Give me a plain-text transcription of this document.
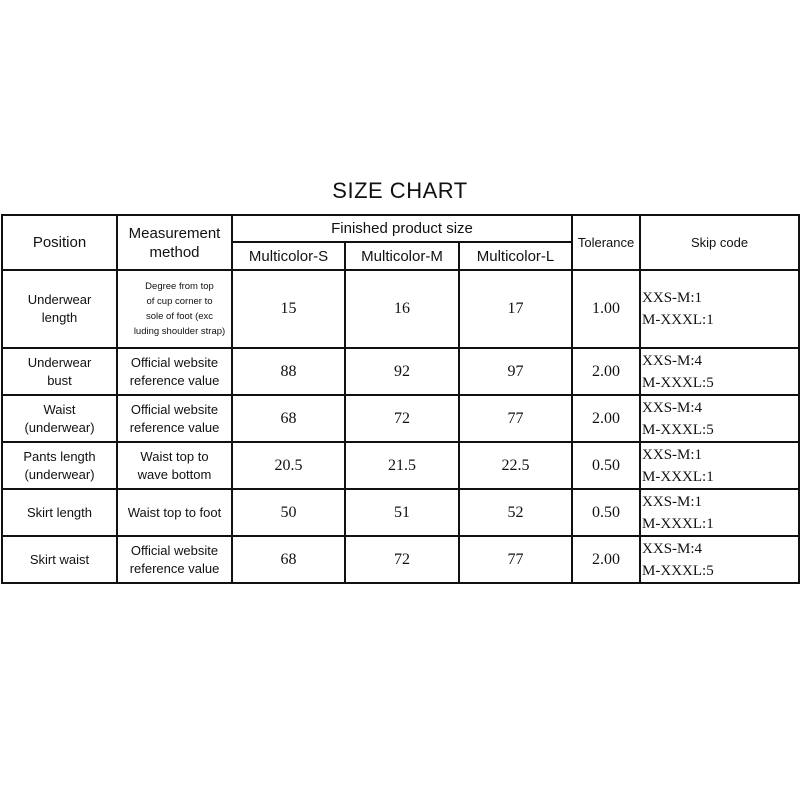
SIZE CHART
Position	Measurement
method	Finished product size			Tolerance	Skip code
		Multicolor-S	Multicolor-M	Multicolor-L		

Underwear
length	Degree from top
of cup corner to
sole of foot (exc
luding shoulder strap)	15	16	17	1.00	XXS-M:1
M-XXXL:1

Underwear
bust	Official website
reference value	88	92	97	2.00	XXS-M:4
M-XXXL:5

Waist
(underwear)	Official website
reference value	68	72	77	2.00	XXS-M:4
M-XXXL:5

Pants length
(underwear)	Waist top to
wave bottom	20.5	21.5	22.5	0.50	XXS-M:1
M-XXXL:1

Skirt length	Waist top to foot	50	51	52	0.50	XXS-M:1
M-XXXL:1

Skirt waist	Official website
reference value	68	72	77	2.00	XXS-M:4
M-XXXL:5
